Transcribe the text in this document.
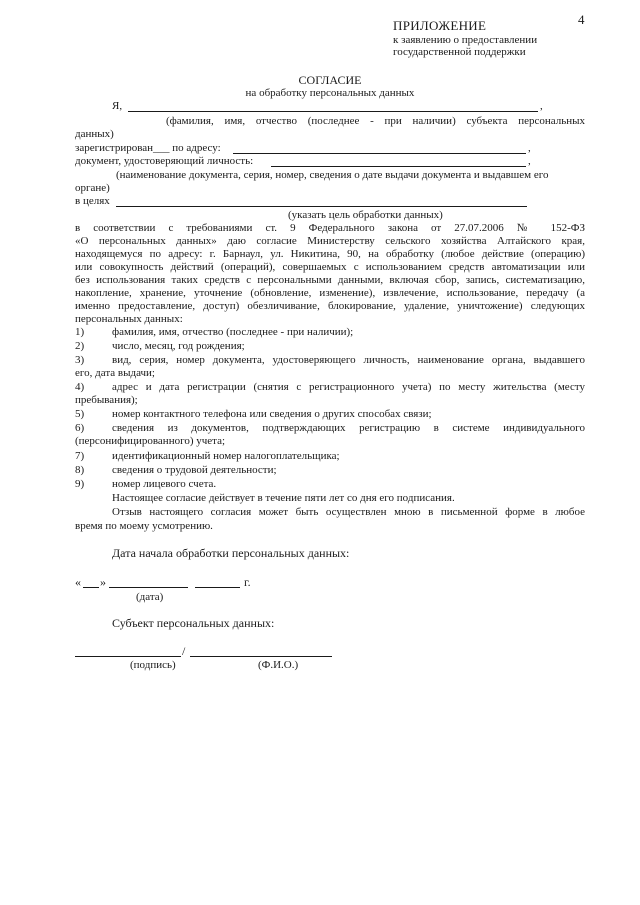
4
ПРИЛОЖЕНИЕ
к заявлению о предоставлении
государственной поддержки
СОГЛАСИЕ
на обработку персональных данных
Я,	,
(фамилия, имя, отчество (последнее - при наличии) субъекта персональных
данных)
зарегистрирован___ по адресу:	,
документ, удостоверяющий личность:	,
(наименование документа, серия, номер, сведения о дате выдачи документа и выдавшем его
органе)
в целях
(указать цель обработки данных)
в соответствии с требованиями ст. 9 Федерального закона от 27.07.2006 № 152-ФЗ
«О персональных данных» даю согласие Министерству сельского хозяйства Алтайского края,
находящемуся по адресу: г. Барнаул, ул. Никитина, 90, на обработку (любое действие (операцию)
или совокупность действий (операций), совершаемых с использованием средств автоматизации или
без использования таких средств с персональными данными, включая сбор, запись, систематизацию,
накопление, хранение, уточнение (обновление, изменение), извлечение, использование, передачу (а
именно предоставление, доступ) обезличивание, блокирование, удаление, уничтожение) следующих
персональных данных:
1)	фамилия, имя, отчество (последнее - при наличии);
2)	число, месяц, год рождения;
3)	вид, серия, номер документа, удостоверяющего личность, наименование органа, выдавшего
его, дата выдачи;
4)	адрес и дата регистрации (снятия с регистрационного учета) по месту жительства (месту
пребывания);
5)	номер контактного телефона или сведения о других способах связи;
6)	сведения из документов, подтверждающих регистрацию в системе индивидуального
(персонифицированного) учета;
7)	идентификационный номер налогоплательщика;
8)	сведения о трудовой деятельности;
9)	номер лицевого счета.
Настоящее согласие действует в течение пяти лет со дня его подписания.
Отзыв настоящего согласия может быть осуществлен мною в письменной форме в любое
время по моему усмотрению.
Дата начала обработки персональных данных:
« »	г.
(дата)
Субъект персональных данных:
/
(подпись)	(Ф.И.О.)
